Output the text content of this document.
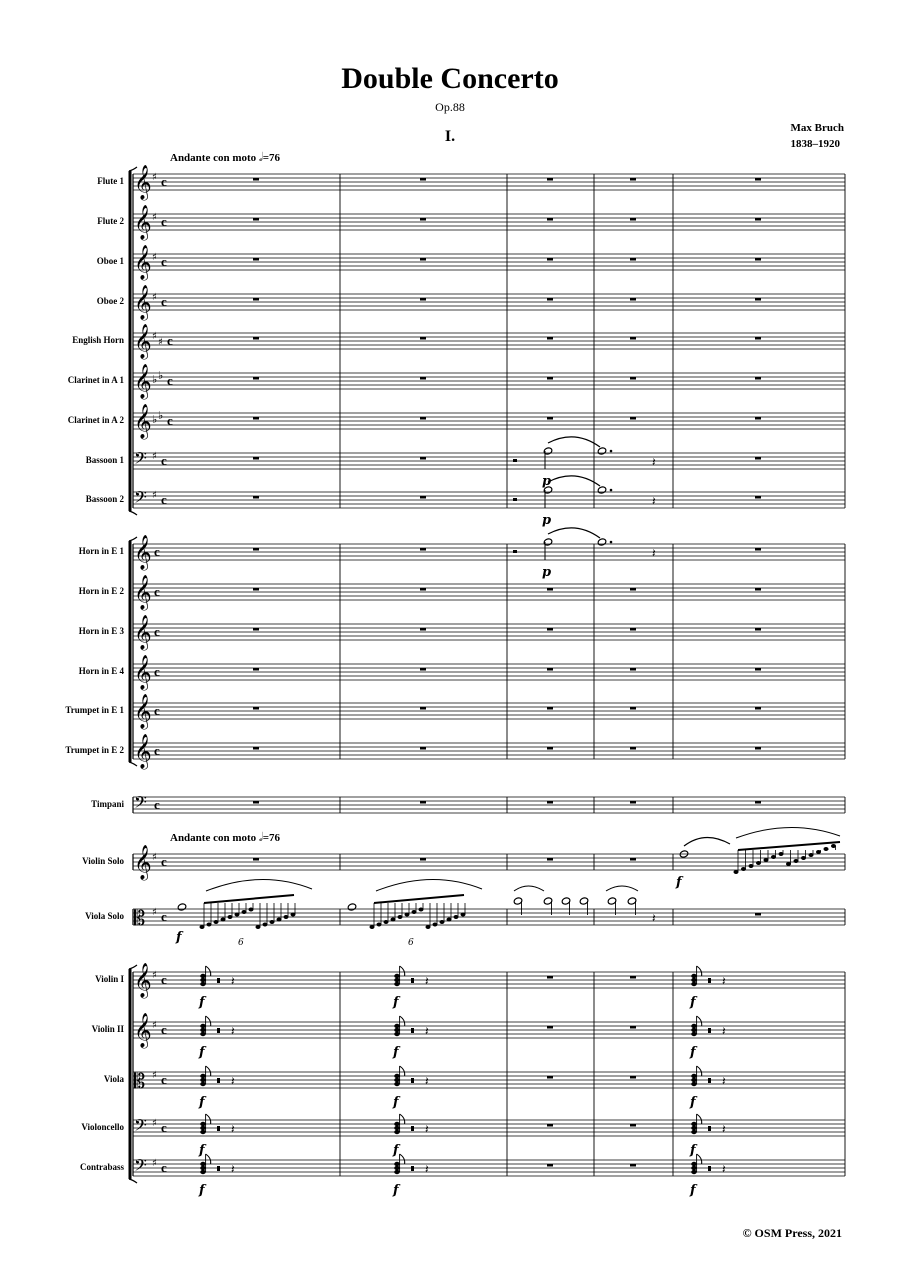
Double Concerto
Op.88
I.	Max Bruch
1838–1920
Andante con moto 𝅗𝅥=76
Andante con moto 𝅗𝅥=76
Flute 1
Flute 2
Oboe 1
Oboe 2
English Horn
Clarinet in A 1
Clarinet in A 2
Bassoon 1
Bassoon 2
Horn in E 1
Horn in E 2
Horn in E 3
Horn in E 4
Trumpet in E 1
Trumpet in E 2
Timpani
Violin Solo
Viola Solo
Violin I
Violin II
Viola
Violoncello
Contrabass
𝄞 ♯ c
𝄞 ♯ c
𝄞 ♯ c
𝄞 ♯ c
𝄞 ♯
♯ c
𝄞 ♭ ♭ c
𝄞 ♭ ♭ c
𝄢 ♯ c
𝄢 ♯ c
𝄞 c
𝄞 c
𝄞 c
𝄞 c
𝄞 c
𝄞 c
𝄢 c
𝄞 ♯ c
𝄡 ♯ c
𝄞 ♯ c
𝄞 ♯ c
𝄡 ♯ c
𝄢 ♯ c
𝄢 ♯ c
𝄽
p
𝄽
p
𝄽
p
f
6
f	6
𝄽
f
𝄽
f
𝄽
f
𝄽
f
𝄽
f
𝄽
f
𝄽
f
𝄽
f
𝄽
f
𝄽
f
𝄽
f
𝄽
f
𝄽
f
𝄽
f
𝄽
f
𝄽
© OSM Press, 2021
